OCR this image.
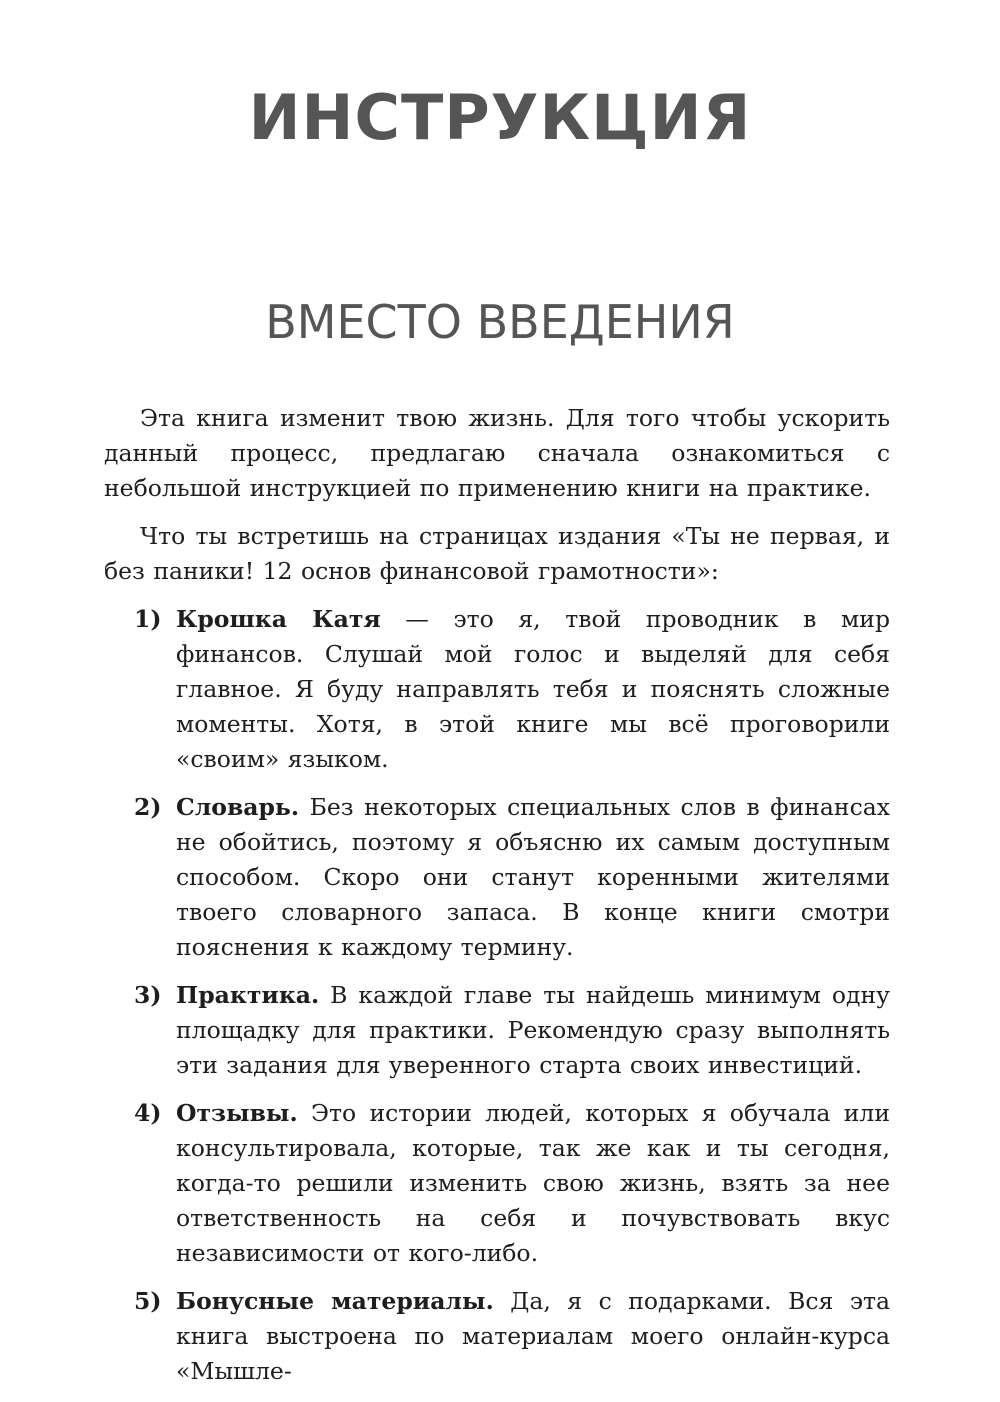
ИНСТРУКЦИЯ
ВМЕСТО ВВЕДЕНИЯ

Эта книга изменит твою жизнь. Для того чтобы ускорить данный процесс, предлагаю сначала ознакомиться с небольшой инструкцией по применению книги на практике.

Что ты встретишь на страницах издания «Ты не первая, и без паники! 12 основ финансовой грамотности»:

1) Крошка Катя — это я, твой проводник в мир финансов. Слушай мой голос и выделяй для себя главное. Я буду направлять тебя и пояснять сложные моменты. Хотя, в этой книге мы всё проговорили «своим» языком.
2) Словарь. Без некоторых специальных слов в финансах не обойтись, поэтому я объясню их самым доступным способом. Скоро они станут коренными жителями твоего словарного запаса. В конце книги смотри пояснения к каждому термину.
3) Практика. В каждой главе ты найдешь минимум одну площадку для практики. Рекомендую сразу выполнять эти задания для уверенного старта своих инвестиций.
4) Отзывы. Это истории людей, которых я обучала или консультировала, которые, так же как и ты сегодня, когда-то решили изменить свою жизнь, взять за нее ответственность на себя и почувствовать вкус независимости от кого-либо.
5) Бонусные материалы. Да, я с подарками. Вся эта книга выстроена по материалам моего онлайн-курса «Мышле-
